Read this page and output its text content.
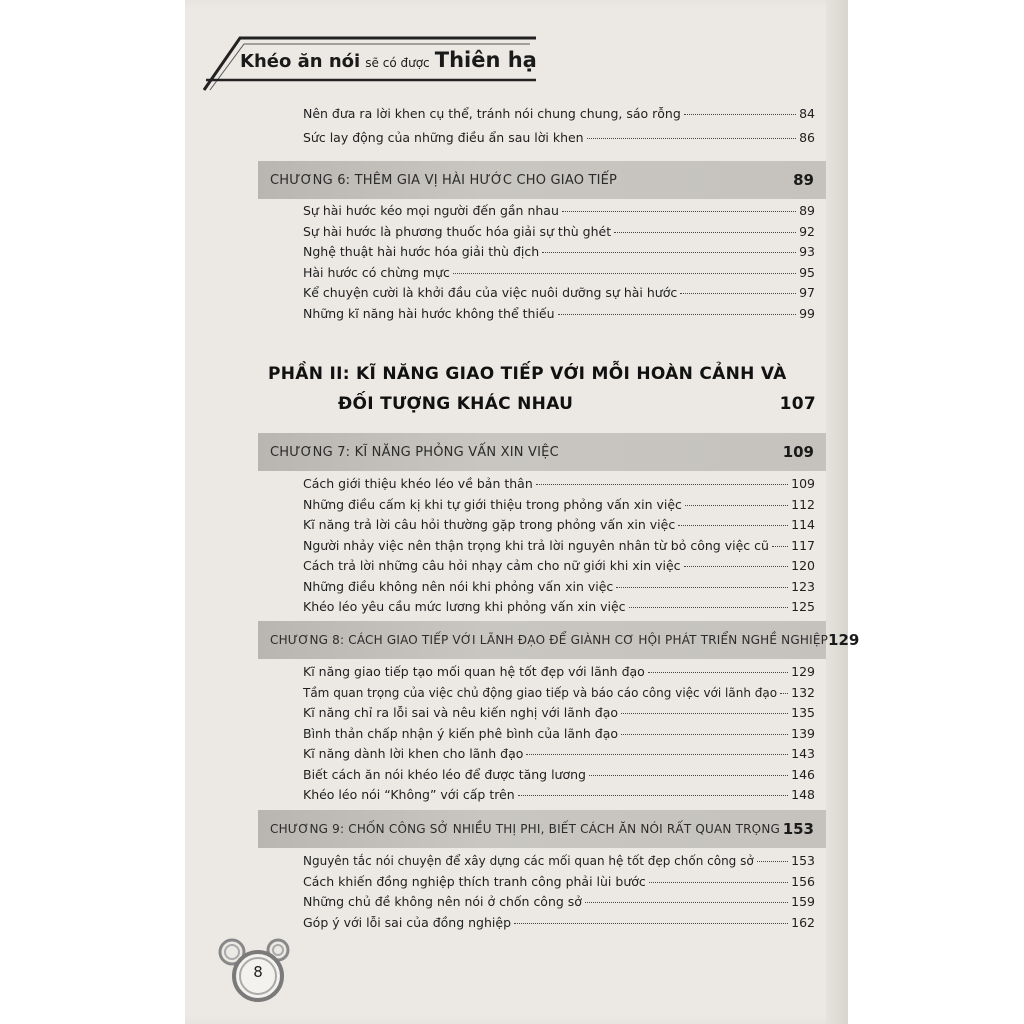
Khéo ăn nói sẽ có được Thiên hạ
Nên đưa ra lời khen cụ thể, tránh nói chung chung, sáo rỗng	84
Sức lay động của những điều ẩn sau lời khen	86
CHƯƠNG 6: THÊM GIA VỊ HÀI HƯỚC CHO GIAO TIẾP	89
Sự hài hước kéo mọi người đến gần nhau	89
Sự hài hước là phương thuốc hóa giải sự thù ghét	92
Nghệ thuật hài hước hóa giải thù địch	93
Hài hước có chừng mực	95
Kể chuyện cười là khởi đầu của việc nuôi dưỡng sự hài hước	97
Những kĩ năng hài hước không thể thiếu	99
PHẦN II: KĨ NĂNG GIAO TIẾP VỚI MỖI HOÀN CẢNH VÀ
ĐỐI TƯỢNG KHÁC NHAU	107
CHƯƠNG 7: KĨ NĂNG PHỎNG VẤN XIN VIỆC	109
Cách giới thiệu khéo léo về bản thân	109
Những điều cấm kị khi tự giới thiệu trong phỏng vấn xin việc	112
Kĩ năng trả lời câu hỏi thường gặp trong phỏng vấn xin việc	114
Người nhảy việc nên thận trọng khi trả lời nguyên nhân từ bỏ công việc cũ 117
Cách trả lời những câu hỏi nhạy cảm cho nữ giới khi xin việc	120
Những điều không nên nói khi phỏng vấn xin việc	123
Khéo léo yêu cầu mức lương khi phỏng vấn xin việc	125
CHƯƠNG 8: CÁCH GIAO TIẾP VỚI LÃNH ĐẠO ĐỂ GIÀNH CƠ HỘI PHÁT TRIỂN NGHỀ NGHIỆP 129
Kĩ năng giao tiếp tạo mối quan hệ tốt đẹp với lãnh đạo	129
Tầm quan trọng của việc chủ động giao tiếp và báo cáo công việc với lãnh đạo 132
Kĩ năng chỉ ra lỗi sai và nêu kiến nghị với lãnh đạo	135
Bình thản chấp nhận ý kiến phê bình của lãnh đạo	139
Kĩ năng dành lời khen cho lãnh đạo	143
Biết cách ăn nói khéo léo để được tăng lương	146
Khéo léo nói “Không” với cấp trên	148
CHƯƠNG 9: CHỐN CÔNG SỞ NHIỀU THỊ PHI, BIẾT CÁCH ĂN NÓI RẤT QUAN TRỌNG 153
Nguyên tắc nói chuyện để xây dựng các mối quan hệ tốt đẹp chốn công sở	153
Cách khiến đồng nghiệp thích tranh công phải lùi bước	156
Những chủ đề không nên nói ở chốn công sở	159
Góp ý với lỗi sai của đồng nghiệp	162
8
